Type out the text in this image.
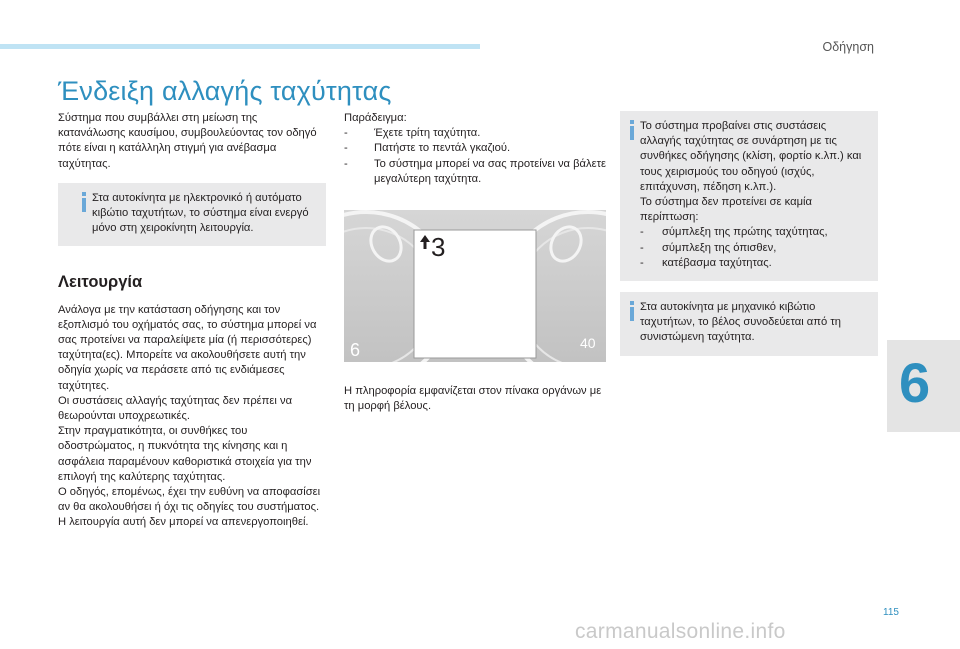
Οδήγηση
Ένδειξη αλλαγής ταχύτητας

Σύστημα που συμβάλλει στη μείωση της κατανάλωσης καυσίμου, συμβουλεύοντας τον οδηγό πότε είναι η κατάλληλη στιγμή για ανέβασμα ταχύτητας.

Στα αυτοκίνητα με ηλεκτρονικό ή αυτόματο κιβώτιο ταχυτήτων, το σύστημα είναι ενεργό μόνο στη χειροκίνητη λειτουργία.

Λειτουργία

Ανάλογα με την κατάσταση οδήγησης και τον εξοπλισμό του οχήματός σας, το σύστημα μπορεί να σας προτείνει να παραλείψετε μία (ή περισσότερες) ταχύτητα(ες). Μπορείτε να ακολουθήσετε αυτή την οδηγία χωρίς να περάσετε από τις ενδιάμεσες ταχύτητες.

Οι συστάσεις αλλαγής ταχύτητας δεν πρέπει να θεωρούνται υποχρεωτικές.

Στην πραγματικότητα, οι συνθήκες του οδοστρώματος, η πυκνότητα της κίνησης και η ασφάλεια παραμένουν καθοριστικά στοιχεία για την επιλογή της καλύτερης ταχύτητας.

Ο οδηγός, επομένως, έχει την ευθύνη να αποφασίσει αν θα ακολουθήσει ή όχι τις οδηγίες του συστήματος.

Η λειτουργία αυτή δεν μπορεί να απενεργοποιηθεί.

Παράδειγμα:

- Έχετε τρίτη ταχύτητα.
- Πατήστε το πεντάλ γκαζιού.
- Το σύστημα μπορεί να σας προτείνει να βάλετε μεγαλύτερη ταχύτητα.
3
6	40

Η πληροφορία εμφανίζεται στον πίνακα οργάνων με τη μορφή βέλους.

Το σύστημα προβαίνει στις συστάσεις αλλαγής ταχύτητας σε συνάρτηση με τις συνθήκες οδήγησης (κλίση, φορτίο κ.λπ.) και τους χειρισμούς του οδηγού (ισχύς, επιτάχυνση, πέδηση κ.λπ.).

Το σύστημα δεν προτείνει σε καμία περίπτωση:

- σύμπλεξη της πρώτης ταχύτητας,
- σύμπλεξη της όπισθεν,
- κατέβασμα ταχύτητας.

Στα αυτοκίνητα με μηχανικό κιβώτιο ταχυτήτων, το βέλος συνοδεύεται από τη συνιστώμενη ταχύτητα.

6
115
carmanualsonline.info
